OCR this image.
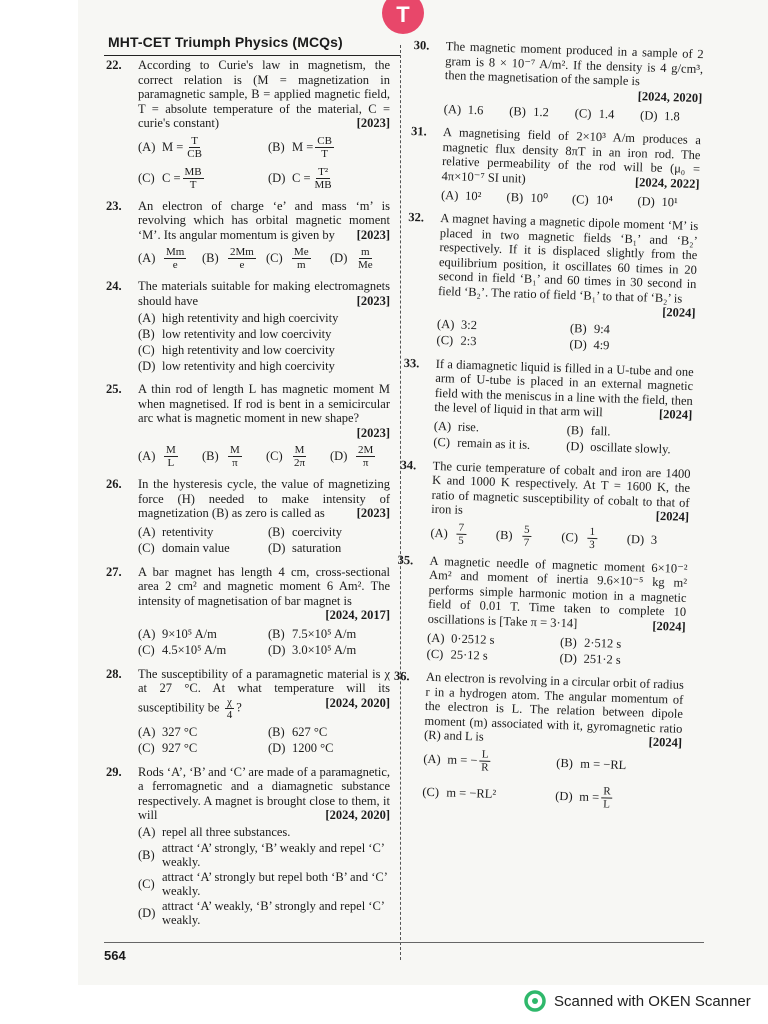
T
MHT-CET Triumph Physics (MCQs)
22. According to Curie's law in magnetism, the correct relation is (M = magnetization in paramagnetic sample, B = applied magnetic field, T = absolute temperature of the material, C = curie's constant)	[2023]
(A) $M = \frac{T}{CB}$	(B) $M = \frac{CB}{T}$
(C) $C = \frac{MB}{T}$	(D) $C = \frac{\text{T²}}{MB}$
23. An electron of charge ‘e’ and mass ‘m’ is revolving which has orbital magnetic moment ‘M’. Its angular momentum is given by [2023]
$(A) \frac{Mm}{e} (B) \frac{2Mm}{e} (C) \frac{Me}{m} (D) \frac{m}{Me}$
24. The materials suitable for making electromagnets should have	[2023]
(A) high retentivity and high coercivity
(B) low retentivity and low coercivity
(C) high retentivity and low coercivity
(D) low retentivity and high coercivity
25. A thin rod of length L has magnetic moment M when magnetised. If rod is bent in a semicircular arc what is magnetic moment in new shape?
[2023]
$(A) \frac{M}{L} (B) \frac{M}{\pi} (C) \frac{M}{2\pi} (D) \frac{2M}{\pi}$
26. In the hysteresis cycle, the value of magnetizing force (H) needed to make intensity of magnetization (B) as zero is called as	[2023]
(A) retentivity	(B) coercivity
(C) domain value	(D) saturation
27. A bar magnet has length 4 cm, cross-sectional area 2 cm² and magnetic moment 6 Am². The intensity of magnetisation of bar magnet is
[2024, 2017]
(A) 9×10⁵ A/m	(B) 7.5×10⁵ A/m
(C) 4.5×10⁵ A/m	(D) 3.0×10⁵ A/m
28. The susceptibility of a paramagnetic material is χ at 27 °C. At what temperature will its susceptibility be $\frac{\chi}{4}$ ?	[2024, 2020]
(A) 327 °C	(B) 627 °C
(C) 927 °C	(D) 1200 °C
29. Rods ‘A’, ‘B’ and ‘C’ are made of a paramagnetic, a ferromagnetic and a diamagnetic substance respectively. A magnet is brought close to them, it will	[2024, 2020]
(A) repel all three substances.
(B)
attract ‘A’ strongly, ‘B’ weakly and repel ‘C’ weakly.
(C)
attract ‘A’ strongly but repel both ‘B’ and ‘C’ weakly.
(D)
attract ‘A’ weakly, ‘B’ strongly and repel ‘C’ weakly.
30. The magnetic moment produced in a sample of 2 gram is 8 × 10⁻⁷ A/m². If the density is 4 g/cm³, then the magnetisation of the sample is
[2024, 2020]
(A) 1.6 (B) 1.2 (C) 1.4 (D) 1.8
31. A magnetising field of 2×10³ A/m produces a magnetic flux density 8πT in an iron rod. The relative permeability of the rod will be (μ₀ = 4π×10⁻⁷ SI unit)	[2024, 2022]
(A) 10² (B) 10⁰ (C) 10⁴ (D) 10¹
32. A magnet having a magnetic dipole moment ‘M’ is placed in two magnetic fields ‘B₁’ and ‘B₂’ respectively. If it is displaced slightly from the equilibrium position, it oscillates 60 times in 20 second in field ‘B₁’ and 60 times in 30 second in field ‘B₂’. The ratio of field ‘B₁’ to that of ‘B₂’ is
[2024]
(A) 3:2	(B) 9:4
(C) 2:3	(D) 4:9
33. If a diamagnetic liquid is filled in a U-tube and one arm of U-tube is placed in an external magnetic field with the meniscus in a line with the field, then the level of liquid in that arm will	[2024]
(A) rise.	(B) fall.
(C) remain as it is.	(D) oscillate slowly.
34. The curie temperature of cobalt and iron are 1400 K and 1000 K respectively. At T = 1600 K, the ratio of magnetic susceptibility of cobalt to that of iron is	[2024]
$(A) \frac{7}{5} (B) \frac{5}{7} (C) \frac{1}{3} (D)$ 3
35. A magnetic needle of magnetic moment 6×10⁻² Am² and moment of inertia 9.6×10⁻⁵ kg m² performs simple harmonic motion in a magnetic field of 0.01 T. Time taken to complete 10 oscillations is [Take π = 3·14]	[2024]
(A) 0·2512 s	(B) 2·512 s
(C) 25·12 s	(D) 251·2 s
36. An electron is revolving in a circular orbit of radius r in a hydrogen atom. The angular momentum of the electron is L. The relation between dipole moment (m) associated with it, gyromagnetic ratio (R) and L is	[2024]
(A) m = − $\frac{L}{R}$	(B) m = −RL
(C) m = −RL²	(D) $m = \frac{R}{L}$
564
Scanned with OKEN Scanner
